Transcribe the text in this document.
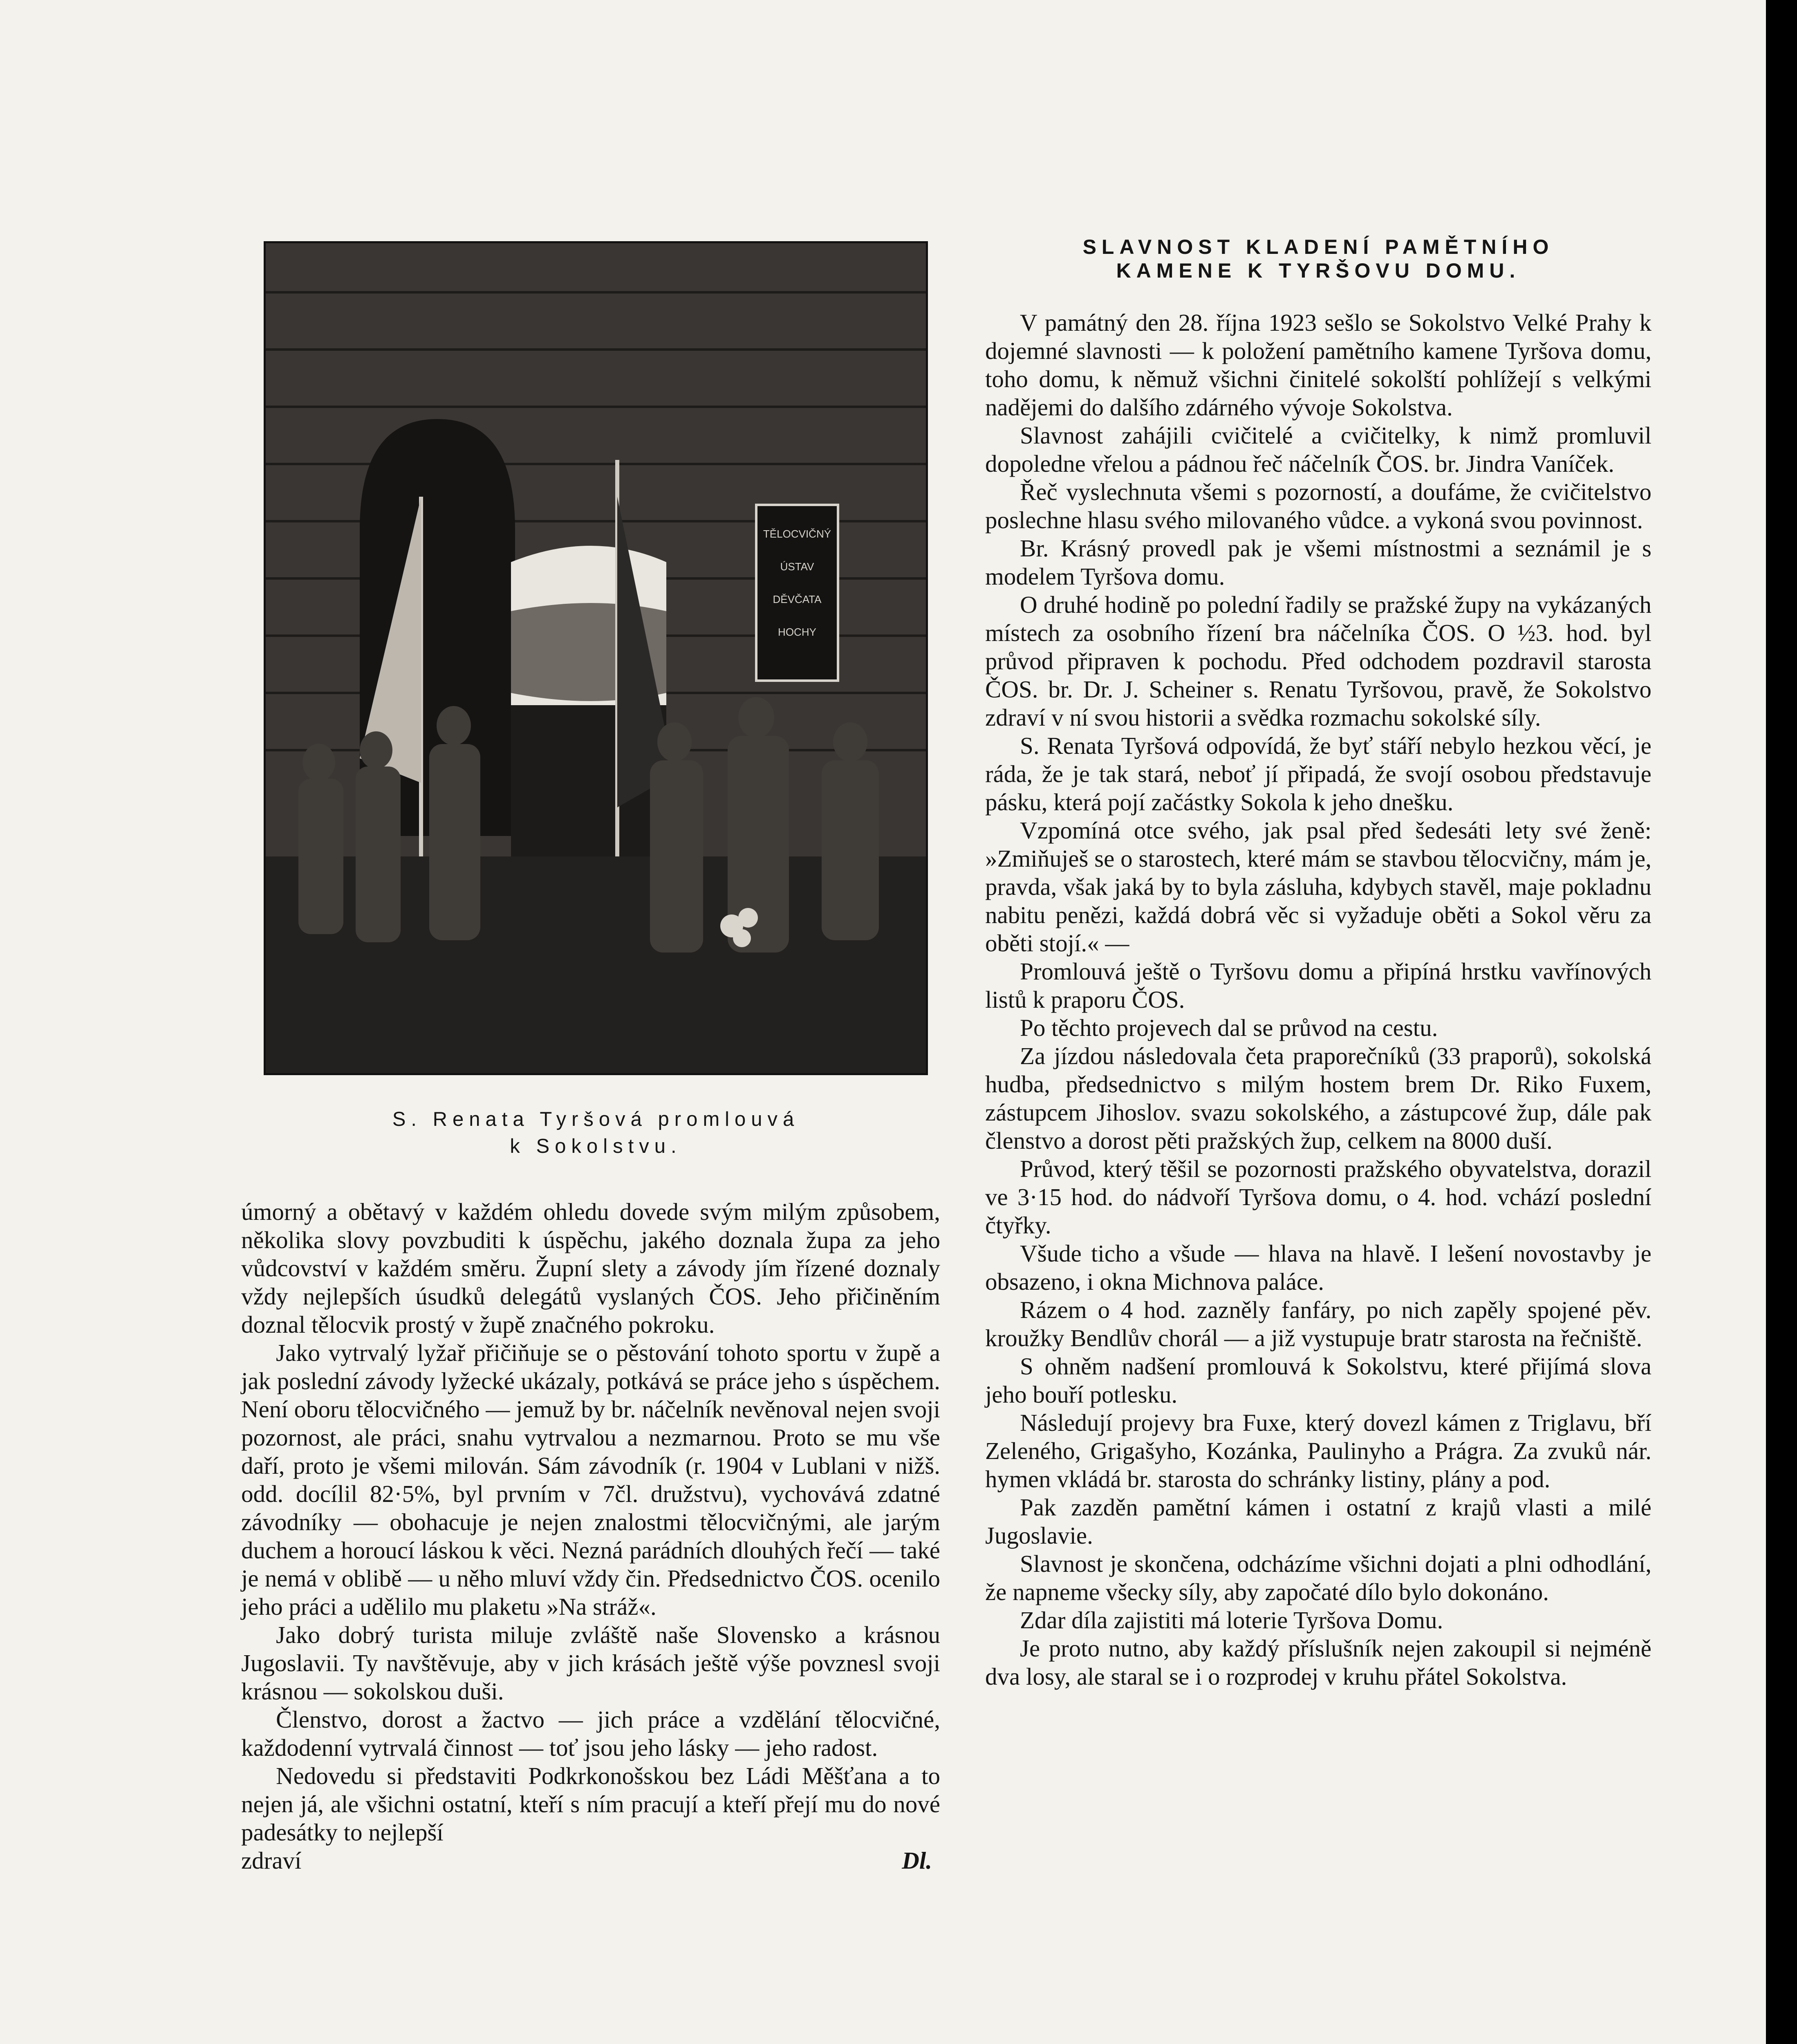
TĚLOCVIČNÝ
ÚSTAV
DĚVČATA
HOCHY
S. Renata Tyršová promlouvá
k Sokolstvu.

úmorný a obětavý v každém ohledu dovede svým milým způsobem, několika slovy povzbuditi k úspěchu, jakého doznala župa za jeho vůdcovství v každém směru. Župní slety a závody jím řízené doznaly vždy nejlepších úsudků delegátů vyslaných ČOS. Jeho přičiněním doznal tělocvik prostý v župě značného pokroku.

Jako vytrvalý lyžař přičiňuje se o pěstování tohoto sportu v župě a jak poslední závody lyžecké ukázaly, potkává se práce jeho s úspěchem. Není oboru tělocvičného — jemuž by br. náčelník nevěnoval nejen svoji pozornost, ale práci, snahu vytrvalou a nezmarnou. Proto se mu vše daří, proto je všemi milován. Sám závodník (r. 1904 v Lublani v nižš. odd. docílil 82·5%, byl prvním v 7čl. družstvu), vychovává zdatné závodníky — obohacuje je nejen znalostmi tělocvičnými, ale jarým duchem a horoucí láskou k věci. Nezná parádních dlouhých řečí — také je nemá v oblibě — u něho mluví vždy čin. Předsednictvo ČOS. ocenilo jeho práci a udělilo mu plaketu »Na stráž«.

Jako dobrý turista miluje zvláště naše Slovensko a krásnou Jugoslavii. Ty navštěvuje, aby v jich krásách ještě výše povznesl svoji krásnou — sokolskou duši.

Členstvo, dorost a žactvo — jich práce a vzdělání tělocvičné, každodenní vytrvalá činnost — toť jsou jeho lásky — jeho radost.

Nedovedu si představiti Podkrkonošskou bez Ládi Měšťana a to nejen já, ale všichni ostatní, kteří s ním pracují a kteří přejí mu do nové padesátky to nejlepší

zdraví	Dl.
SLAVNOST KLADENÍ PAMĚTNÍHO
KAMENE K TYRŠOVU DOMU.

V památný den 28. října 1923 sešlo se Sokolstvo Velké Prahy k dojemné slavnosti — k položení pamětního kamene Tyršova domu, toho domu, k němuž všichni činitelé sokolští pohlížejí s velkými nadějemi do dalšího zdárného vývoje Sokolstva.

Slavnost zahájili cvičitelé a cvičitelky, k nimž promluvil dopoledne vřelou a pádnou řeč náčelník ČOS. br. Jindra Vaníček.

Řeč vyslechnuta všemi s pozorností, a doufáme, že cvičitelstvo poslechne hlasu svého milovaného vůdce. a vykoná svou povinnost.

Br. Krásný provedl pak je všemi místnostmi a seznámil je s modelem Tyršova domu.

O druhé hodině po polední řadily se pražské župy na vykázaných místech za osobního řízení bra náčelníka ČOS. O ½3. hod. byl průvod připraven k pochodu. Před odchodem pozdravil starosta ČOS. br. Dr. J. Scheiner s. Renatu Tyršovou, pravě, že Sokolstvo zdraví v ní svou historii a svědka rozmachu sokolské síly.

S. Renata Tyršová odpovídá, že byť stáří nebylo hezkou věcí, je ráda, že je tak stará, neboť jí připadá, že svojí osobou představuje pásku, která pojí začástky Sokola k jeho dnešku.

Vzpomíná otce svého, jak psal před šedesáti lety své ženě: »Zmiňuješ se o starostech, které mám se stavbou tělocvičny, mám je, pravda, však jaká by to byla zásluha, kdybych stavěl, maje pokladnu nabitu penězi, každá dobrá věc si vyžaduje oběti a Sokol věru za oběti stojí.« —

Promlouvá ještě o Tyršovu domu a připíná hrstku vavřínových listů k praporu ČOS.

Po těchto projevech dal se průvod na cestu.

Za jízdou následovala četa praporečníků (33 praporů), sokolská hudba, předsednictvo s milým hostem brem Dr. Riko Fuxem, zástupcem Jihoslov. svazu sokolského, a zástupcové žup, dále pak členstvo a dorost pěti pražských žup, celkem na 8000 duší.

Průvod, který těšil se pozornosti pražského obyvatelstva, dorazil ve 3·15 hod. do nádvoří Tyršova domu, o 4. hod. vchází poslední čtyřky.

Všude ticho a všude — hlava na hlavě. I lešení novostavby je obsazeno, i okna Michnova paláce.

Rázem o 4 hod. zazněly fanfáry, po nich zapěly spojené pěv. kroužky Bendlův chorál — a již vystupuje bratr starosta na řečniště.

S ohněm nadšení promlouvá k Sokolstvu, které přijímá slova jeho bouří potlesku.

Následují projevy bra Fuxe, který dovezl kámen z Triglavu, bří Zeleného, Grigašyho, Kozánka, Paulinyho a Prágra. Za zvuků nár. hymen vkládá br. starosta do schránky listiny, plány a pod.

Pak zazděn pamětní kámen i ostatní z krajů vlasti a milé Jugoslavie.

Slavnost je skončena, odcházíme všichni dojati a plni odhodlání, že napneme všecky síly, aby započaté dílo bylo dokonáno.

Zdar díla zajistiti má loterie Tyršova Domu.

Je proto nutno, aby každý příslušník nejen zakoupil si nejméně dva losy, ale staral se i o rozprodej v kruhu přátel Sokolstva.
